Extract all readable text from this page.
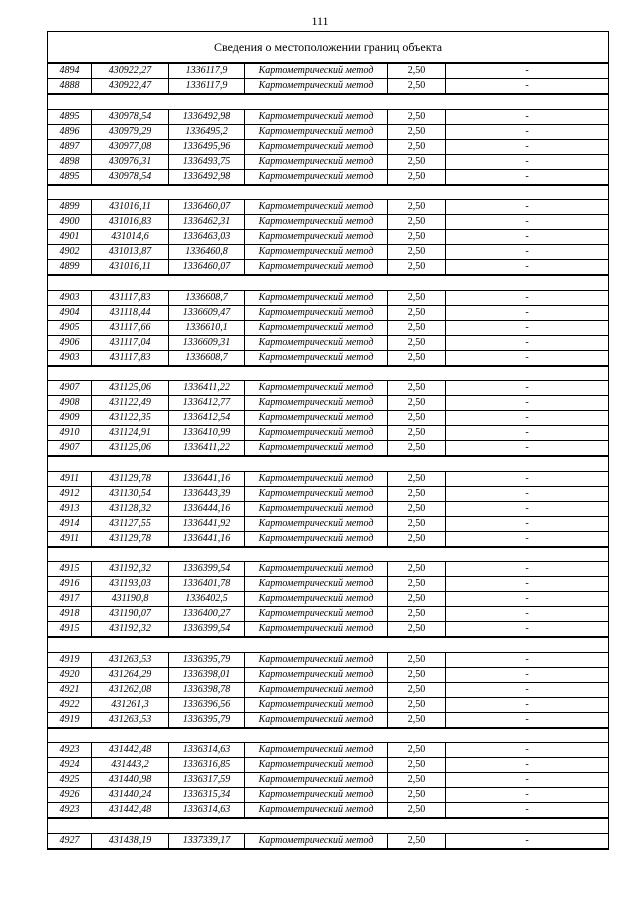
111
Сведения о местоположении границ объекта					
4894	430922,27	1336117,9	Картометрический метод	2,50	-
4888	430922,47	1336117,9	Картометрический метод	2,50	-

4895	430978,54	1336492,98	Картометрический метод	2,50	-
4896	430979,29	1336495,2	Картометрический метод	2,50	-
4897	430977,08	1336495,96	Картометрический метод	2,50	-
4898	430976,31	1336493,75	Картометрический метод	2,50	-
4895	430978,54	1336492,98	Картометрический метод	2,50	-

4899	431016,11	1336460,07	Картометрический метод	2,50	-
4900	431016,83	1336462,31	Картометрический метод	2,50	-
4901	431014,6	1336463,03	Картометрический метод	2,50	-
4902	431013,87	1336460,8	Картометрический метод	2,50	-
4899	431016,11	1336460,07	Картометрический метод	2,50	-

4903	431117,83	1336608,7	Картометрический метод	2,50	-
4904	431118,44	1336609,47	Картометрический метод	2,50	-
4905	431117,66	1336610,1	Картометрический метод	2,50	-
4906	431117,04	1336609,31	Картометрический метод	2,50	-
4903	431117,83	1336608,7	Картометрический метод	2,50	-

4907	431125,06	1336411,22	Картометрический метод	2,50	-
4908	431122,49	1336412,77	Картометрический метод	2,50	-
4909	431122,35	1336412,54	Картометрический метод	2,50	-
4910	431124,91	1336410,99	Картометрический метод	2,50	-
4907	431125,06	1336411,22	Картометрический метод	2,50	-

4911	431129,78	1336441,16	Картометрический метод	2,50	-
4912	431130,54	1336443,39	Картометрический метод	2,50	-
4913	431128,32	1336444,16	Картометрический метод	2,50	-
4914	431127,55	1336441,92	Картометрический метод	2,50	-
4911	431129,78	1336441,16	Картометрический метод	2,50	-

4915	431192,32	1336399,54	Картометрический метод	2,50	-
4916	431193,03	1336401,78	Картометрический метод	2,50	-
4917	431190,8	1336402,5	Картометрический метод	2,50	-
4918	431190,07	1336400,27	Картометрический метод	2,50	-
4915	431192,32	1336399,54	Картометрический метод	2,50	-

4919	431263,53	1336395,79	Картометрический метод	2,50	-
4920	431264,29	1336398,01	Картометрический метод	2,50	-
4921	431262,08	1336398,78	Картометрический метод	2,50	-
4922	431261,3	1336396,56	Картометрический метод	2,50	-
4919	431263,53	1336395,79	Картометрический метод	2,50	-

4923	431442,48	1336314,63	Картометрический метод	2,50	-
4924	431443,2	1336316,85	Картометрический метод	2,50	-
4925	431440,98	1336317,59	Картометрический метод	2,50	-
4926	431440,24	1336315,34	Картометрический метод	2,50	-
4923	431442,48	1336314,63	Картометрический метод	2,50	-

4927	431438,19	1337339,17	Картометрический метод	2,50	-
